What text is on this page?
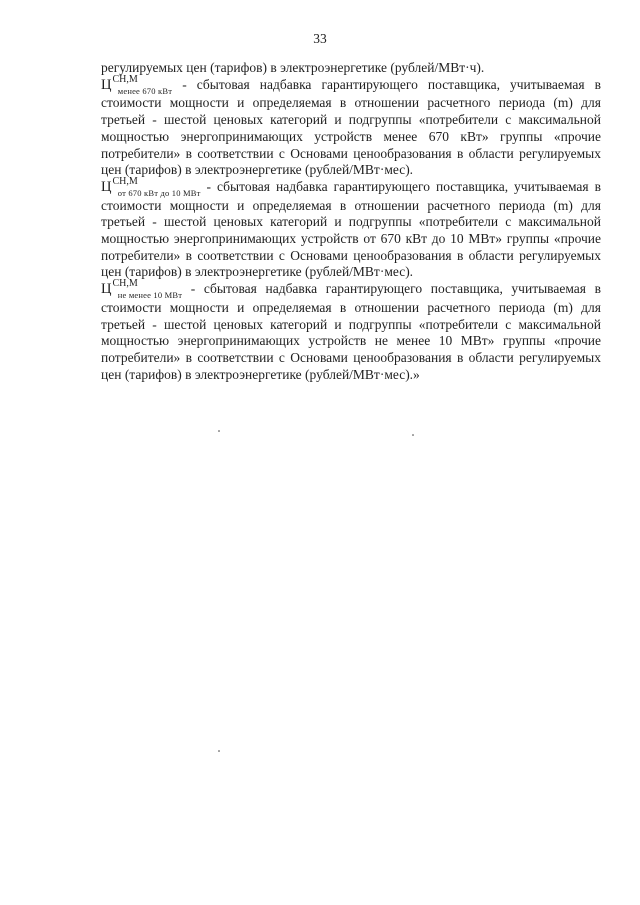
33

регулируемых цен (тарифов) в электроэнергетике (рублей/МВт·ч).

$Ц^{СН,М}_{менее 670 кВт}$ - сбытовая надбавка гарантирующего поставщика, учитываемая в стоимости мощности и определяемая в отношении расчетного периода (m) для третьей - шестой ценовых категорий и подгруппы «потребители с максимальной мощностью энергопринимающих устройств менее 670 кВт» группы «прочие потребители» в соответствии с Основами ценообразования в области регулируемых цен (тарифов) в электроэнергетике (рублей/МВт·мес).

$Ц^{СН,М}_{от 670 кВт до 10 МВт}$ - сбытовая надбавка гарантирующего поставщика, учитываемая в стоимости мощности и определяемая в отношении расчетного периода (m) для третьей - шестой ценовых категорий и подгруппы «потребители с максимальной мощностью энергопринимающих устройств от 670 кВт до 10 МВт» группы «прочие потребители» в соответствии с Основами ценообразования в области регулируемых цен (тарифов) в электроэнергетике (рублей/МВт·мес).

$Ц^{СН,М}_{не менее 10 МВт}$ - сбытовая надбавка гарантирующего поставщика, учитываемая в стоимости мощности и определяемая в отношении расчетного периода (m) для третьей - шестой ценовых категорий и подгруппы «потребители с максимальной мощностью энергопринимающих устройств не менее 10 МВт» группы «прочие потребители» в соответствии с Основами ценообразования в области регулируемых цен (тарифов) в электроэнергетике (рублей/МВт·мес).»
